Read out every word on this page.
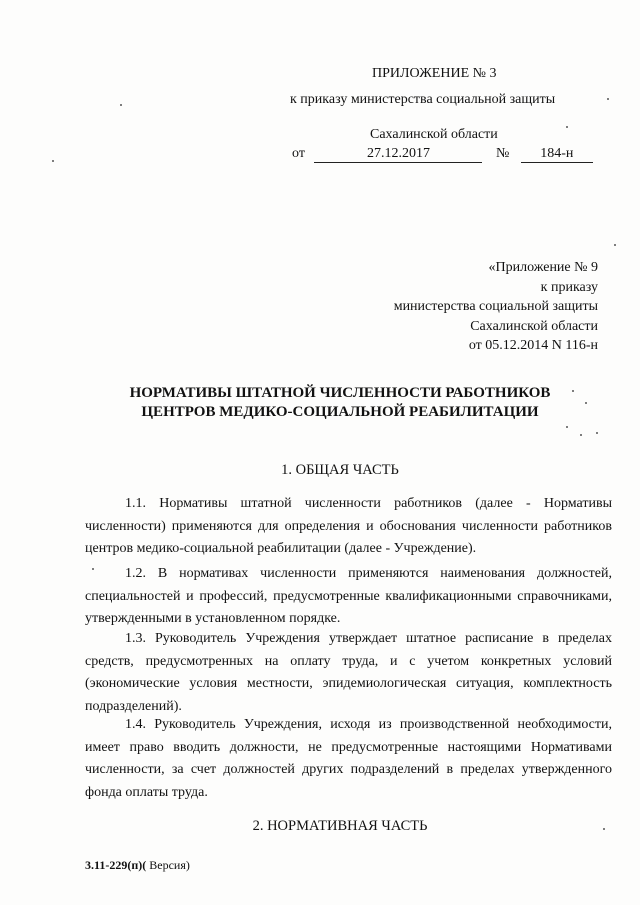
ПРИЛОЖЕНИЕ № 3
к приказу министерства социальной защиты
Сахалинской области
от	27.12.2017	№ 184-н
«Приложение № 9
к приказу
министерства социальной защиты
Сахалинской области
от 05.12.2014 N 116-н
НОРМАТИВЫ ШТАТНОЙ ЧИСЛЕННОСТИ РАБОТНИКОВ
ЦЕНТРОВ МЕДИКО-СОЦИАЛЬНОЙ РЕАБИЛИТАЦИИ
1. ОБЩАЯ ЧАСТЬ
1.1. Нормативы штатной численности работников (далее - Нормативы численности) применяются для определения и обоснования численности работников центров медико-социальной реабилитации (далее - Учреждение).
1.2. В нормативах численности применяются наименования должностей, специальностей и профессий, предусмотренные квалификационными справочниками, утвержденными в установленном порядке.
1.3. Руководитель Учреждения утверждает штатное расписание в пределах средств, предусмотренных на оплату труда, и с учетом конкретных условий (экономические условия местности, эпидемиологическая ситуация, комплектность подразделений).
1.4. Руководитель Учреждения, исходя из производственной необходимости, имеет право вводить должности, не предусмотренные настоящими Нормативами численности, за счет должностей других подразделений в пределах утвержденного фонда оплаты труда.
2. НОРМАТИВНАЯ ЧАСТЬ
3.11-229(п)( Версия)
